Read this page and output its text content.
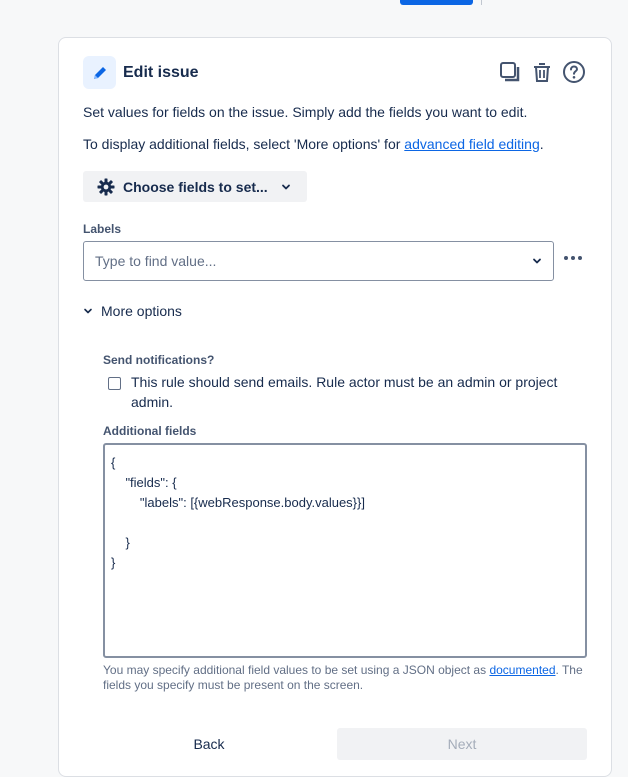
Edit issue
Set values for fields on the issue. Simply add the fields you want to edit.
To display additional fields, select 'More options' for advanced field editing.
Choose fields to set...
Labels
Type to find value...
More options
Send notifications?
This rule should send emails. Rule actor must be an admin or project admin.
Additional fields
{ "fields": { "labels": [{webResponse.body.values}}] } }
You may specify additional field values to be set using a JSON object as documented. The fields you specify must be present on the screen.
Back	Next
